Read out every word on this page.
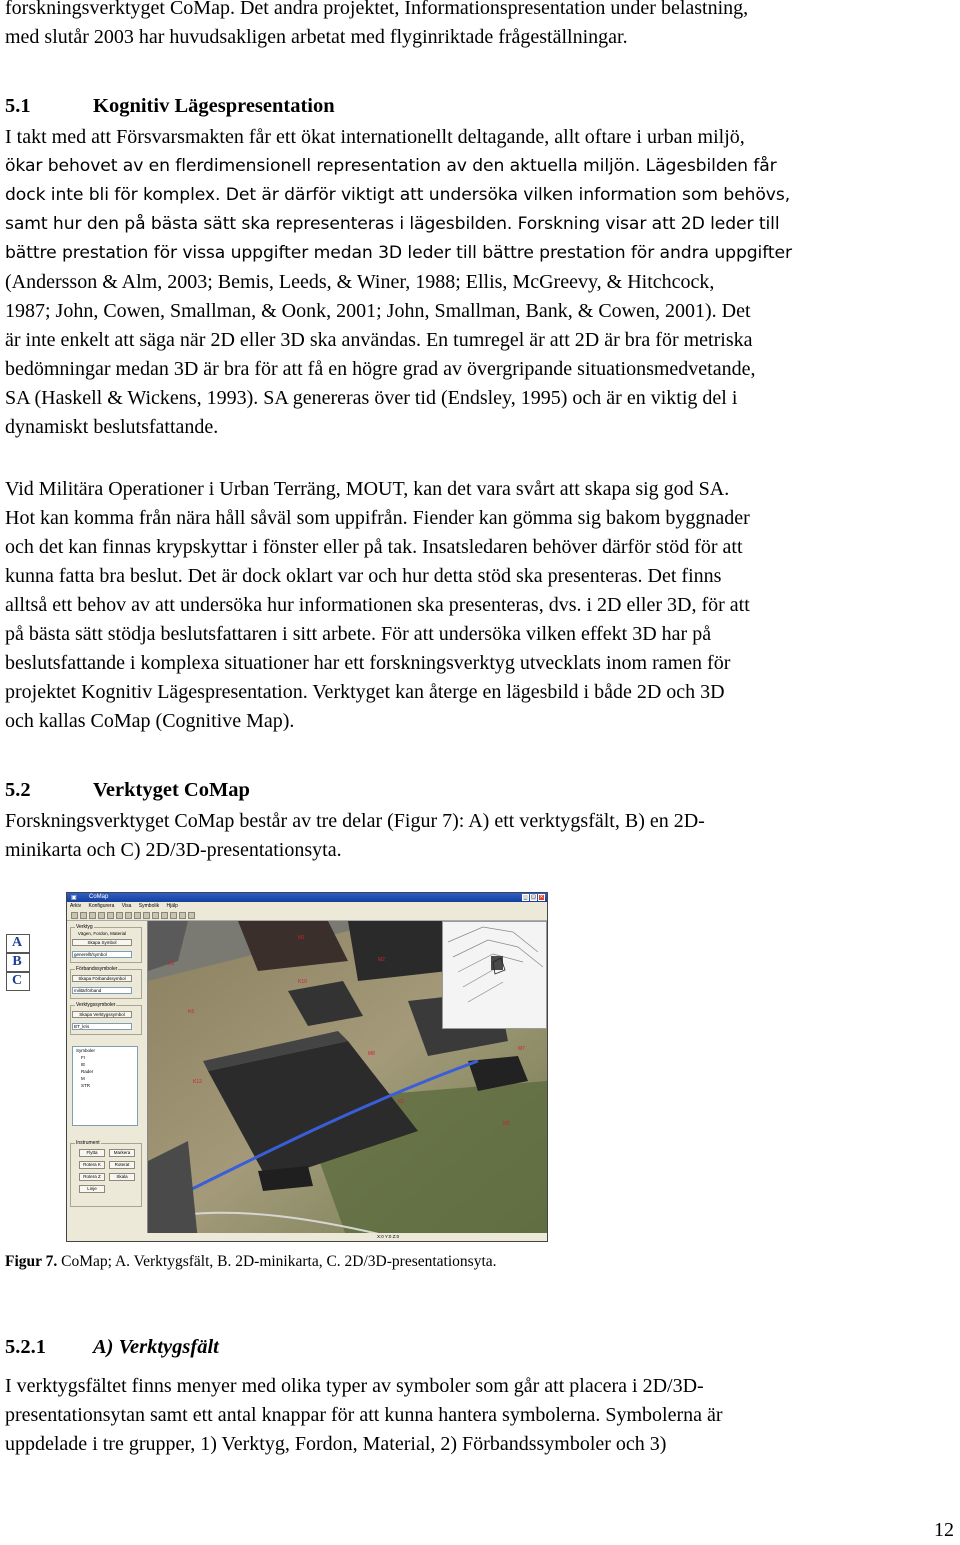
forskningsverktyget CoMap. Det andra projektet, Informationspresentation under belastning,
med slutår 2003 har huvudsakligen arbetat med flyginriktade frågeställningar.
5.1	Kognitiv Lägespresentation
I takt med att Försvarsmakten får ett ökat internationellt deltagande, allt oftare i urban miljö,
ökar behovet av en flerdimensionell representation av den aktuella miljön. Lägesbilden får
dock inte bli för komplex. Det är därför viktigt att undersöka vilken information som behövs,
samt hur den på bästa sätt ska representeras i lägesbilden. Forskning visar att 2D leder till
bättre prestation för vissa uppgifter medan 3D leder till bättre prestation för andra uppgifter
(Andersson & Alm, 2003; Bemis, Leeds, & Winer, 1988; Ellis, McGreevy, & Hitchcock,
1987; John, Cowen, Smallman, & Oonk, 2001; John, Smallman, Bank, & Cowen, 2001). Det
är inte enkelt att säga när 2D eller 3D ska användas. En tumregel är att 2D är bra för metriska
bedömningar medan 3D är bra för att få en högre grad av övergripande situationsmedvetande,
SA (Haskell & Wickens, 1993). SA genereras över tid (Endsley, 1995) och är en viktig del i
dynamiskt beslutsfattande.
Vid Militära Operationer i Urban Terräng, MOUT, kan det vara svårt att skapa sig god SA.
Hot kan komma från nära håll såväl som uppifrån. Fiender kan gömma sig bakom byggnader
och det kan finnas krypskyttar i fönster eller på tak. Insatsledaren behöver därför stöd för att
kunna fatta bra beslut. Det är dock oklart var och hur detta stöd ska presenteras. Det finns
alltså ett behov av att undersöka hur informationen ska presenteras, dvs. i 2D eller 3D, för att
på bästa sätt stödja beslutsfattaren i sitt arbete. För att undersöka vilken effekt 3D har på
beslutsfattande i komplexa situationer har ett forskningsverktyg utvecklats inom ramen för
projektet Kognitiv Lägespresentation. Verktyget kan återge en lägesbild i både 2D och 3D
och kallas CoMap (Cognitive Map).
5.2	Verktyget CoMap
Forskningsverktyget CoMap består av tre delar (Figur 7): A) ett verktygsfält, B) en 2D-
minikarta och C) 2D/3D-presentationsyta.
A
B
C
▣ CoMap	_ □ ×
Arkiv Konfigurera Visa Symbolik Hjälp
Verktyg
Vägen, Fordon, Material
Skapa Symbol
generellt/symbol
Förbandssymboler
Skapa Förbandssymbol
militärförband
Verktygssymboler
Skapa Verktygssymbol
BT_kris
Symboler
FI
IE
Rader
M
STR
Instrument
Flytta	Markera
Rotera K	Roterat
Rotera Z	Skala
Linje
M1
M2
K3
K6
K10
M7
K12
K5
M8
M5
X:0 Y:0 Z:0
Figur 7. CoMap; A. Verktygsfält, B. 2D-minikarta, C. 2D/3D-presentationsyta.
5.2.1 A) Verktygsfält
I verktygsfältet finns menyer med olika typer av symboler som går att placera i 2D/3D-
presentationsytan samt ett antal knappar för att kunna hantera symbolerna. Symbolerna är
uppdelade i tre grupper, 1) Verktyg, Fordon, Material, 2) Förbandssymboler och 3)
12
